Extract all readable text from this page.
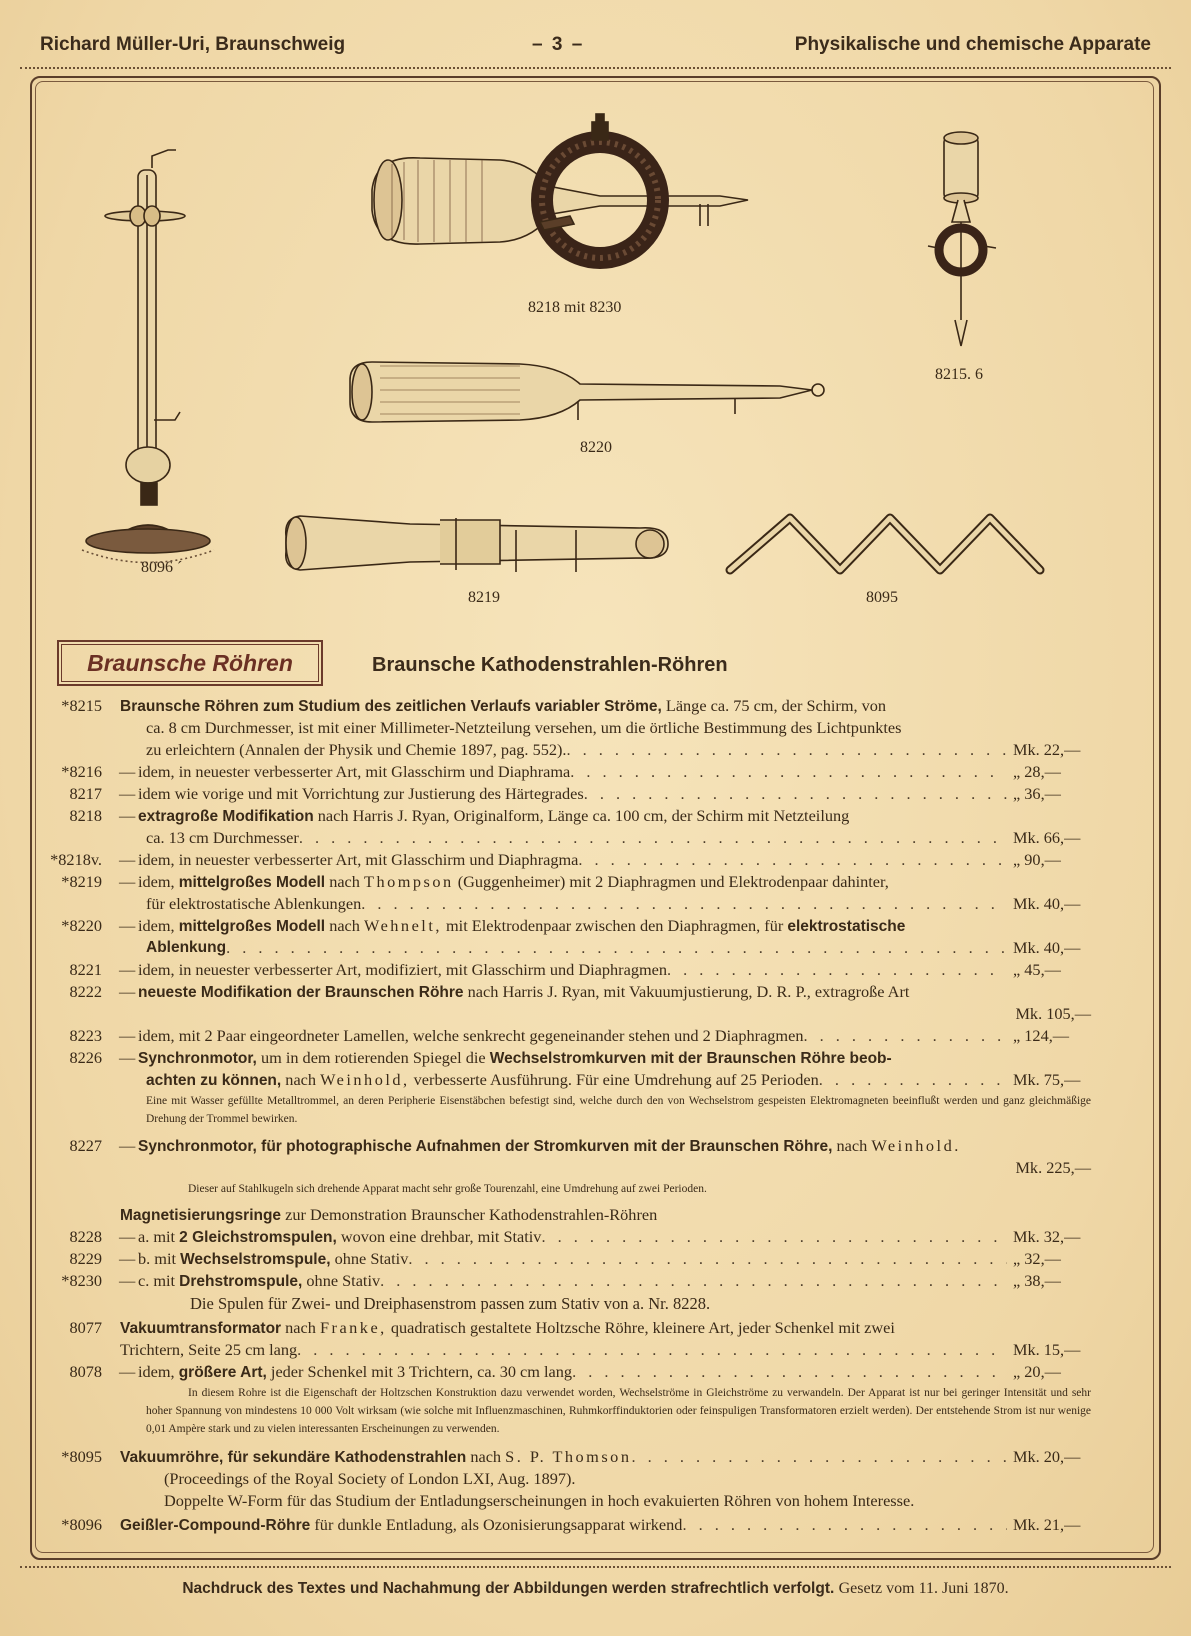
Richard Müller-Uri, Braunschweig	– 3 –	Physikalische und chemische Apparate
8096 ´
8218 mit 8230
8215. 6
8220
8219	8095
Braunsche Röhren	Braunsche Kathodenstrahlen-Röhren
*8215 Braunsche Röhren zum Studium des zeitlichen Verlaufs variabler Ströme, Länge ca. 75 cm, der Schirm, von
ca. 8 cm Durchmesser, ist mit einer Millimeter-Netzteilung versehen, um die örtliche Bestimmung des Lichtpunktes
zu erleichtern (Annalen der Physik und Chemie 1897, pag. 552). . . .	Mk. 22,—
*8216 — idem, in neuester verbesserter Art, mit Glasschirm und Diaphrama . . .	„ 28,—
8217 — idem wie vorige und mit Vorrichtung zur Justierung des Härtegrades . . .	„ 36,—
8218 — extragroße Modifikation nach Harris J. Ryan, Originalform, Länge ca. 100 cm, der Schirm mit Netzteilung
ca. 13 cm Durchmesser . . .	Mk. 66,—
*8218v. — idem, in neuester verbesserter Art, mit Glasschirm und Diaphragma . . .	„ 90,—
*8219 — idem, mittelgroßes Modell nach Thompson (Guggenheimer) mit 2 Diaphragmen und Elektrodenpaar dahinter,
für elektrostatische Ablenkungen . . .	Mk. 40,—
*8220 — idem, mittelgroßes Modell nach Wehnelt, mit Elektrodenpaar zwischen den Diaphragmen, für elektrostatische
Ablenkung . . .	Mk. 40,—
8221 — idem, in neuester verbesserter Art, modifiziert, mit Glasschirm und Diaphragmen . . .	„ 45,—
8222 — neueste Modifikation der Braunschen Röhre nach Harris J. Ryan, mit Vakuumjustierung, D. R. P., extragroße Art
Mk. 105,—
8223 — idem, mit 2 Paar eingeordneter Lamellen, welche senkrecht gegeneinander stehen und 2 Diaphragmen . . .	„ 124,—
8226 — Synchronmotor, um in dem rotierenden Spiegel die Wechselstromkurven mit der Braunschen Röhre beob-
achten zu können, nach Weinhold, verbesserte Ausführung. Für eine Umdrehung auf 25 Perioden . . .	Mk. 75,—
Eine mit Wasser gefüllte Metalltrommel, an deren Peripherie Eisenstäbchen befestigt sind, welche durch den von Wechselstrom gespeisten Elektromagneten beeinflußt werden und ganz gleichmäßige Drehung der Trommel bewirken.
8227 — Synchronmotor, für photographische Aufnahmen der Stromkurven mit der Braunschen Röhre, nach Weinhold.
Mk. 225,—
Dieser auf Stahlkugeln sich drehende Apparat macht sehr große Tourenzahl, eine Umdrehung auf zwei Perioden.
Magnetisierungsringe zur Demonstration Braunscher Kathodenstrahlen-Röhren
8228 — a. mit 2 Gleichstromspulen, wovon eine drehbar, mit Stativ . . .	Mk. 32,—
8229 — b. mit Wechselstromspule, ohne Stativ . . .	„ 32,—
*8230 — c. mit Drehstromspule, ohne Stativ . . .	„ 38,—
Die Spulen für Zwei- und Dreiphasenstrom passen zum Stativ von a. Nr. 8228.
8077 Vakuumtransformator nach Franke, quadratisch gestaltete Holtzsche Röhre, kleinere Art, jeder Schenkel mit zwei
Trichtern, Seite 25 cm lang . . .	Mk. 15,—
8078 — idem, größere Art, jeder Schenkel mit 3 Trichtern, ca. 30 cm lang . . .	„ 20,—
In diesem Rohre ist die Eigenschaft der Holtzschen Konstruktion dazu verwendet worden, Wechselströme in Gleichströme zu verwandeln. Der Apparat ist nur bei geringer Intensität und sehr hoher Spannung von mindestens 10 000 Volt wirksam (wie solche mit Influenzmaschinen, Ruhmkorffinduktorien oder feinspuligen Transformatoren erzielt werden). Der entstehende Strom ist nur wenige 0,01 Ampère stark und zu vielen interessanten Erscheinungen zu verwenden.
*8095 Vakuumröhre, für sekundäre Kathodenstrahlen nach S. P. Thomson . . .	Mk. 20,—
(Proceedings of the Royal Society of London LXI, Aug. 1897).
Doppelte W-Form für das Studium der Entladungserscheinungen in hoch evakuierten Röhren von hohem Interesse.
*8096 Geißler-Compound-Röhre für dunkle Entladung, als Ozonisierungsapparat wirkend . . .	Mk. 21,—
Nachdruck des Textes und Nachahmung der Abbildungen werden strafrechtlich verfolgt. Gesetz vom 11. Juni 1870.
